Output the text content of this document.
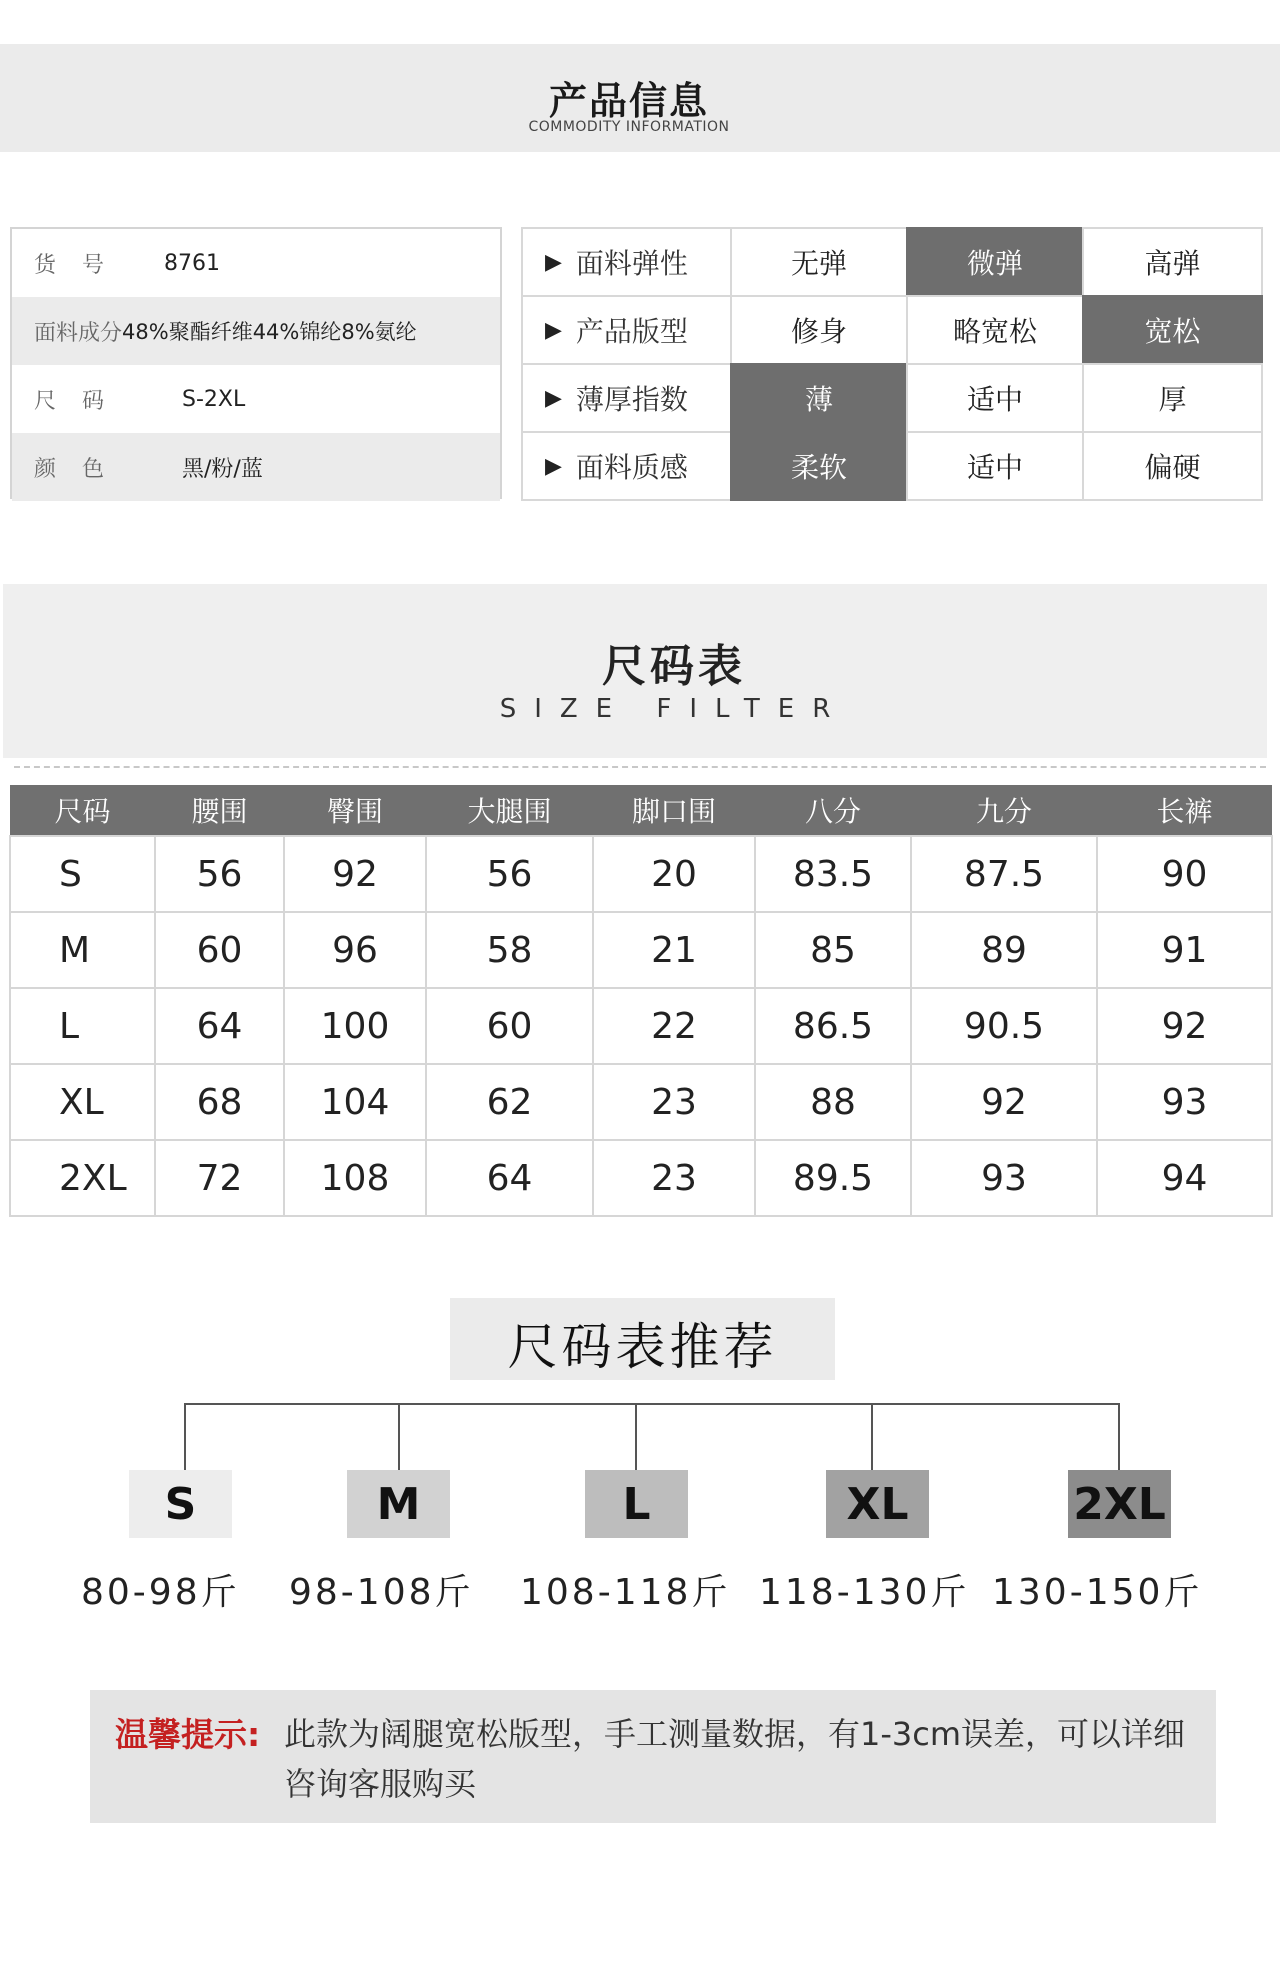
产品信息
COMMODITY INFORMATION
货号	8761
面料成分 48%聚酯纤维44%锦纶8%氨纶
尺码	S-2XL
颜色	黑/粉/蓝
▶ 面料弹性	无弹	微弹	高弹
▶ 产品版型	修身	略宽松	宽松
▶ 薄厚指数	薄	适中	厚
▶ 面料质感	柔软	适中	偏硬
尺码表
SIZE FILTER
尺码	腰围	臀围	大腿围	脚口围	八分	九分	长裤
S	56	92	56	20	83.5	87.5	90
M	60	96	58	21	85	89	91
L	64	100	60	22	86.5	90.5	92
XL	68	104	62	23	88	92	93
2XL	72	108	64	23	89.5	93	94
尺码表推荐
S	M	L	XL	2XL
80-98斤 98-108斤 108-118斤 118-130斤 130-150斤
温馨提示: 此款为阔腿宽松版型，手工测量数据，有1-3cm误差，可以详细咨询客服购买
